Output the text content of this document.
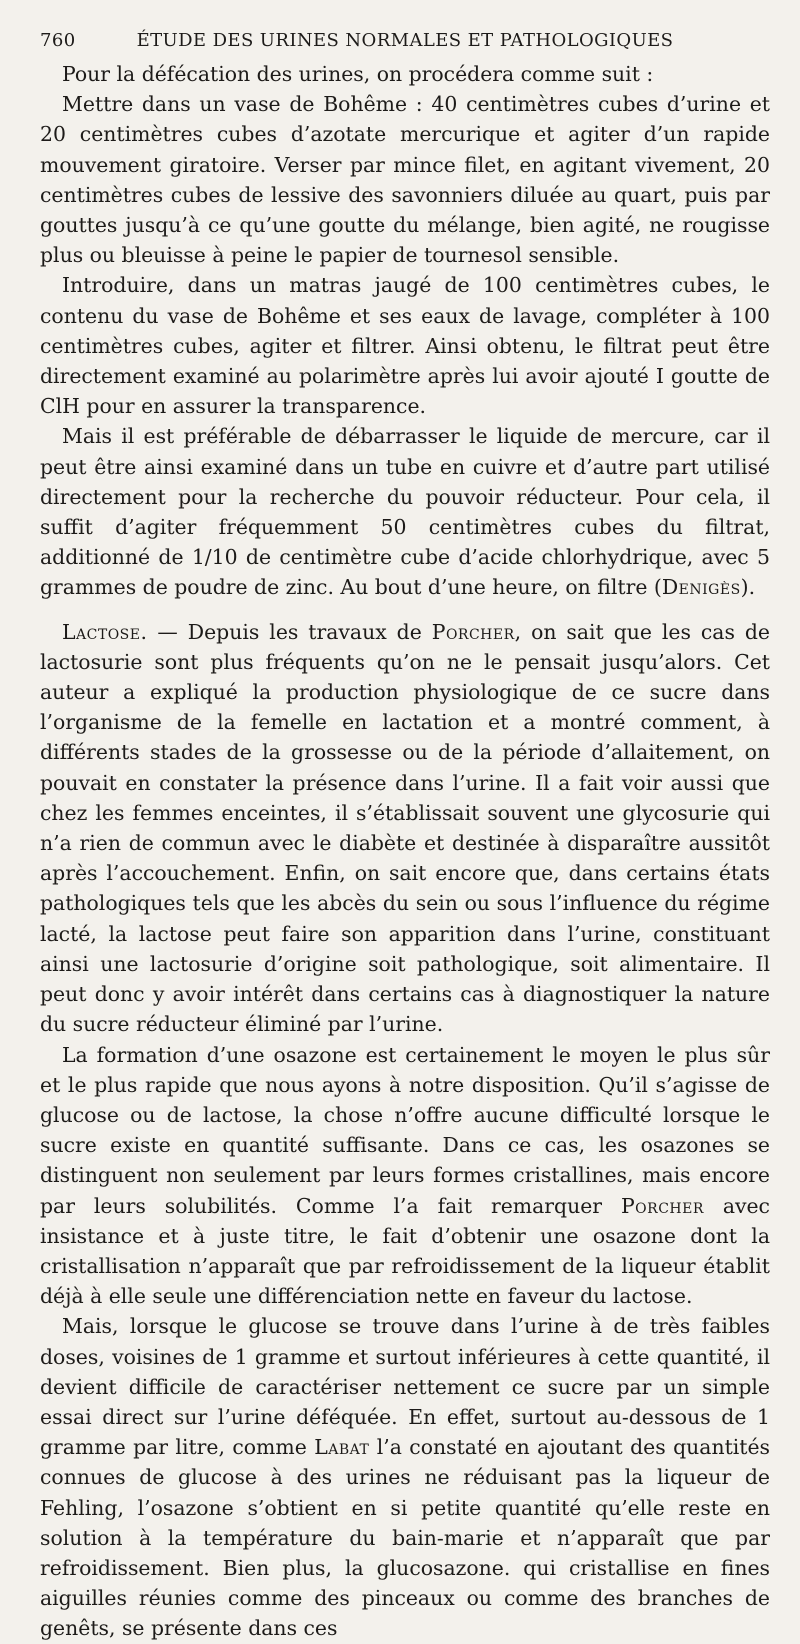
760	ÉTUDE DES URINES NORMALES ET PATHOLOGIQUES

Pour la défécation des urines, on procédera comme suit :

Mettre dans un vase de Bohême : 40 centimètres cubes d’urine et 20 centimètres cubes d’azotate mercurique et agiter d’un rapide mouvement giratoire. Verser par mince filet, en agitant vivement, 20 centimètres cubes de lessive des savonniers diluée au quart, puis par gouttes jusqu’à ce qu’une goutte du mélange, bien agité, ne rougisse plus ou bleuisse à peine le papier de tournesol sensible.

Introduire, dans un matras jaugé de 100 centimètres cubes, le contenu du vase de Bohême et ses eaux de lavage, compléter à 100 centimètres cubes, agiter et filtrer. Ainsi obtenu, le filtrat peut être directement examiné au polarimètre après lui avoir ajouté I goutte de ClH pour en assurer la transparence.

Mais il est préférable de débarrasser le liquide de mercure, car il peut être ainsi examiné dans un tube en cuivre et d’autre part utilisé directement pour la recherche du pouvoir réducteur. Pour cela, il suffit d’agiter fréquemment 50 centimètres cubes du filtrat, additionné de 1/10 de centimètre cube d’acide chlorhydrique, avec 5 grammes de poudre de zinc. Au bout d’une heure, on filtre (Denigès).

Lactose. — Depuis les travaux de Porcher, on sait que les cas de lactosurie sont plus fréquents qu’on ne le pensait jusqu’alors. Cet auteur a expliqué la production physiologique de ce sucre dans l’organisme de la femelle en lactation et a montré comment, à différents stades de la grossesse ou de la période d’allaitement, on pouvait en constater la présence dans l’urine. Il a fait voir aussi que chez les femmes enceintes, il s’établissait souvent une glycosurie qui n’a rien de commun avec le diabète et destinée à disparaître aussitôt après l’accouchement. Enfin, on sait encore que, dans certains états pathologiques tels que les abcès du sein ou sous l’influence du régime lacté, la lactose peut faire son apparition dans l’urine, constituant ainsi une lactosurie d’origine soit pathologique, soit alimentaire. Il peut donc y avoir intérêt dans certains cas à diagnostiquer la nature du sucre réducteur éliminé par l’urine.

La formation d’une osazone est certainement le moyen le plus sûr et le plus rapide que nous ayons à notre disposition. Qu’il s’agisse de glucose ou de lactose, la chose n’offre aucune difficulté lorsque le sucre existe en quantité suffisante. Dans ce cas, les osazones se distinguent non seulement par leurs formes cristallines, mais encore par leurs solubilités. Comme l’a fait remarquer Porcher avec insistance et à juste titre, le fait d’obtenir une osazone dont la cristallisation n’apparaît que par refroidissement de la liqueur établit déjà à elle seule une différenciation nette en faveur du lactose.

Mais, lorsque le glucose se trouve dans l’urine à de très faibles doses, voisines de 1 gramme et surtout inférieures à cette quantité, il devient difficile de caractériser nettement ce sucre par un simple essai direct sur l’urine déféquée. En effet, surtout au-dessous de 1 gramme par litre, comme Labat l’a constaté en ajoutant des quantités connues de glucose à des urines ne réduisant pas la liqueur de Fehling, l’osazone s’obtient en si petite quantité qu’elle reste en solution à la température du bain-marie et n’apparaît que par refroidissement. Bien plus, la glucosazone. qui cristallise en fines aiguilles réunies comme des pinceaux ou comme des branches de genêts, se présente dans ces
